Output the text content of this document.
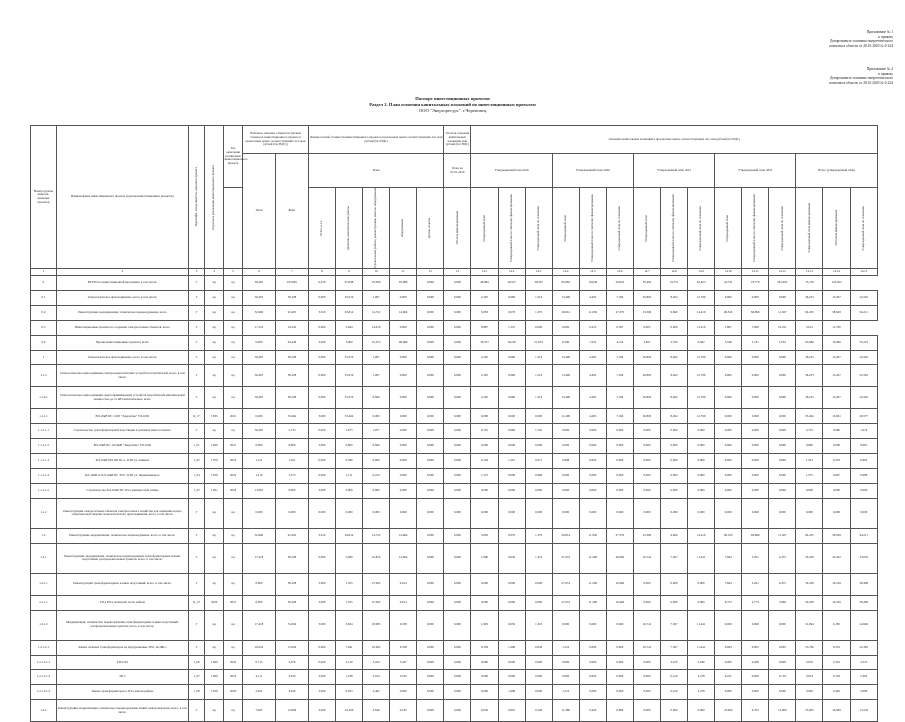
Приложение № 1
к приказу
Департамента топливно-энергетического
комплекса области от 28.10.2020 № 6-224
Приложение № 2
к приказу
Департамента топливно-энергетического
комплекса области от 28.10.2020 № 6-224
Паспорт инвестиционных проектов
Раздел 2. План освоения капитальных вложений по инвестиционным проектам
ООО "Энергоресурс", г.Череповец
Номер группы инвести- ционных проектов	Наименование инвестиционного проекта (группы инвестиционных проектов)	Идентифи- катор инвести- ционного проекта	Год начала реализации инвестиционного проекта	Год окончания реализации инвестиционного проекта	Плановое значение стоимости (полная стоимость инвестиционного проекта в прогнозных ценах соответствующих лет, млн рублей (без НДС))		Оценка полной стоимости инвестиционного проекта в прогнозных ценах соответствующих лет, млн рублей (без НДС)					Остаток освоения капитальных вложений, млн рублей (без НДС)	Освоение капитальных вложений в прогнозных ценах соответствующих лет, млн рублей (без НДС)														
					План	Факт	План					План на 01.01.2019	Утвержденный план 2019			Утвержденный план 2020			Утвержденный план 2021			Утвержденный план 2022			Итого (утвержденный план)		

							Всего, в т.ч.	проектно-изыскательские работы	строительные работы, реконструкция, монтаж оборудования	оборудование	прочие затраты	Остаток финансирования	Утвержденный план	Утвержденный план по сметному финансированию	Утвержденный план по освоению	Утвержденный план	Утвержденный план по сметному финансированию	Утвержденный план по освоению	Утвержденный план	Утвержденный план по сметному финансированию	Утвержденный план по освоению	Утвержденный план	Утвержденный план по сметному финансированию	Утвержденный план по освоению	Утвержденный план финансирования	Источник финансирования	Утвержденный план по освоению

1	2	3	4	5	6	7	8	9	10	11	12	13	14.1	14.2	14.3	14.4	14.5	14.6	14.7	14.8	14.9	14.10	14.11	14.12	14.13	14.14	14.15
0	ВСЕГО по инвестиционной программе, в том числе:	Г	нд	нд	56,467	453,681	6,019	67,098	25,099	65,980	0,000	0,000	48,869	16,527	30,297	83,082	19,649	20,022	35,492	19,751	81,623	24,741	18,776	261,492	75,720	124,562	
0.1	Технологическое присоединение, всего, в том числе:	Г	нд	нд	36,467	56,328	0,000	35,019	1,097	0,000	0,000	0,000	2,295	0,960	1,516	13,499	4,495	7,184	20,893	8,492	12,799	0,000	0,000	0,000	36,253	13,267	22,592
0.2	Реконструкция, модернизация, техническое перевооружение, всего	Г	нд	нд	32,960	91,405	3,610	29,814	14,722	14,664	0,000	0,000	5,083	0,970	1,370	29,814	11,936	27,370	23,390	9,660	14,419	90,343	84,896	11,307	94,435	58,928	94,211
0.3	Инвестиционные проекты по созданию электросетевых объектов, всего	Г	нд	нд	17,219	19,245	0,000	5,044	14,016	0,000	0,000	0,000	0,887	1,347	0,000	0,000	0,225	0,397	6,005	0,000	13,419	1,897	7,090	19,251	5,612	11,760	
0.4	Прочие инвестиционные проекты, всего	Г	нд	нд	0,000	95,446	3,000	3,000	25,253	66,980	0,000	0,000	18,791	16,230	51,953	8,399	7,554	4,154	3,467	2,700	0,662	3,548	1,191	1,654	65,686	19,966	35,219
1	Технологическое присоединение, всего, в том числе:	Г	нд	нд	36,467	56,328	0,000	35,019	1,097	0,000	0,000	0,000	2,295	0,960	1,516	13,499	4,495	7,184	20,893	8,492	12,799	0,000	0,000	0,000	36,253	13,267	22,592
1.1.3	Технологическое присоединение электроэнергетических устройств потребителей, всего, в том числе:	Г	нд	нд	36,467	56,328	0,000	35,019	1,097	0,000	0,000	0,000	2,295	0,960	1,516	13,499	4,495	7,184	20,893	8,492	12,799	0,000	0,000	0,000	36,253	13,267	22,592
1.1.4.1	Технологическое присоединение энергопринимающих устройств потребителей максимальной мощностью до 15 кВт включительно, всего	Г	нд	нд	36,467	56,328	0,000	35,019	0,000	0,000	0,000	0,000	2,295	0,960	1,516	13,499	4,495	7,184	20,893	8,492	12,799	0,000	0,000	0,000	36,253	13,267	22,592
1.1.1.1	ВЛ-10кВ ПС 110/6 "Энергетик" ТП-1002	К_17	1 835	2021	0,000	33,464	3,000	33,464	0,000	0,000	0,000	0,000	0,000	0,000	0,000	11,499	4,495	7,184	20,893	8,492	12,799	0,000	0,000	0,000	33,464	13,691	20,577
1.1.1.1.1	Строительство трансформаторной подстанции в границах многоэтажного	Г	нд	нд	36,467	2,735	0,650	1,975	1,977	0,000	0,000	0,000	0,791	0,960	1,745	0,000	0,000	0,000	0,000	0,000	0,000	0,000	0,000	0,000	2,735	0,960	1,974
1.1.1.1.2	ВЛ-10кВ ПС-110/6кВ "Энергетик" ТП-1002	1_01	1 820	2021	0,000	0,800	3,000	0,800	0,000	0,000	0,000	0,000	0,000	0,000	0,000	0,000	0,000	0,000	0,000	0,000	0,000	0,000	0,000	0,000	0,800	0,000	0,081
1.1.1.1.3	КЛ-10кВ ПП ДП Ук-4 - КТП ул. Олимпа	1_02	1 879	2019	1,211	1,261	0,000	0,586	0,009	0,000	0,000	0,000	0,104	1,261	0,071	0,998	0,000	0,000	0,000	0,000	0,000	0,000	0,000	0,000	1,261	0,476	0,604
1.1.1.1.4	КЛ-10кВ от КЛ-10кВ ПС 35/6 - КТП ул. Чернышевского	1_04	1 819	2019	1,210	1,573	0,000	1,111	0,224	0,000	0,000	0,000	1,575	0,000	0,996	0,000	0,000	0,000	0,000	0,000	0,000	0,000	0,000	0,000	1,575	0,667	0,988
1.1.1.1.5	Строительство КЛ-10кВ ТП 1Р в границах всей улицы	1_05	1 821	2018	13,065	0,000	3,000	0,000	0,000	0,000	0,000	0,000	0,000	0,000	0,000	0,000	0,000	0,000	0,000	0,000	0,000	0,000	0,000	0,000	0,000	0,000	0,000
1.1.2	Реконструкция электросетевых объектов электросетевого хозяйства для снижения потерь электрической энергии технологического присоединения, всего, в том числе:	Г	нд	нд	0,000	0,000	0,000	0,000	0,000	0,000	0,000	0,000	0,000	0,000	0,000	0,000	0,000	0,000	0,000	0,000	0,000	0,000	0,000	0,000	0,000	0,000	0,000
1.2	Реконструкция, модернизация, техническое перевооружение, всего, в том числе:	Г	нд	нд	32,960	91,405	3,610	29,814	14,722	14,664	0,000	0,000	5,083	0,970	1,370	29,814	11,936	27,370	23,390	9,660	14,419	90,343	84,896	11,307	94,435	58,928	94,211
1.2.1	Реконструкция, модернизация, техническое перевооружение трансформаторных и иных подстанций, распределительных пунктов, всего, в том числе:	Г	нд	нд	17,218	56,328	0,000	5,489	16,814	14,664	0,000	0,000	1,996	0,650	1,316	21,074	11,296	46,660	16,741	7,307	11,441	7,604	3,261	4,475	56,328	22,592	33,676
1.2.1.1	Реконструкция трансформаторных и иных подстанций, всего, в том числе:	Г	нд	нд	0,000	56,328	3,000	1,325	27,092	0,614	0,000	0,000	0,000	0,000	0,000	27,074	11,296	16,460	0,000	0,000	0,000	7,604	3,261	4,475	56,328	16,199	38,408
2.1.1.1	ТП в РП в четвертой части района	К_13	2020	2021	0,000	56,328	3,000	1,325	27,092	0,614	0,000	0,000	0,000	0,000	0,000	27,074	11,296	16,460	0,000	0,000	0,000	6,753	2,774	3,966	56,328	16,199	39,400
1.2.1.2	Модернизация, техническое перевооружение трансформаторных и иных подстанций, распределительных пунктов, всего, в том числе:	Г	нд	нд	17,218	31,094	3,000	3,604	18,983	6,338	0,000	0,000	1,995	0,650	1,316	0,000	0,000	0,000	16,741	7,307	11,441	0,000	0,000	0,000	31,094	6,185	24,940
1.2.1.2.1	Замена силовых трансформаторов на двухуровневые ТРХ, АСДФ-1	Г	нд	нд	16,654	31,094	0,000	7,641	10,962	6,338	0,000	0,000	0,339	1,996	0,650	1,316	0,000	0,000	16,741	7,307	11,441	0,004	0,005	0,005	23,796	8,352	22,382
1.2.1.2.1.1	ТТП 201	1_06	1 820	2022	0,713	5,676	0,400	2,120	3,244	3,447	0,000	0,000	0,000	0,000	0,000	0,000	0,000	0,000	0,000	3,470	5,946	0,000	0,208	0,000	5,676	2,352	3,325
1.2.1.2.1.2	ТП 5	1_07	1 820	2023	4,111	3,034	3,000	1,188	3,164	3,016	0,000	0,000	0,000	0,000	0,000	0,000	0,000	0,000	0,000	0,410	3,278	0,231	0,000	0,159	3,034	0,726	2,304
1.2.1.2.1.3	Замена трансформаторов в ТП в жилом районе	1_08	1 819	2020	2,652	3,926	3,000	0,053	2,462	0,000	0,000	0,000	0,000	1,996	0,000	1,316	0,000	0,000	0,000	0,410	3,278	0,000	0,000	0,000	3,926	0,405	3,009
1.2.2	Реконструкция, модернизация, техническое перевооружение линий электропередачи, всего, в том числе:	Г	нд	нд	7,965	12,999	3,000	22,266	3,646	0,100	0,000	0,000	0,036	0,891	0,540	11,480	0,445	0,890	0,000	0,000	0,000	23,994	9,703	14,009	23,903	16,669	13,234
